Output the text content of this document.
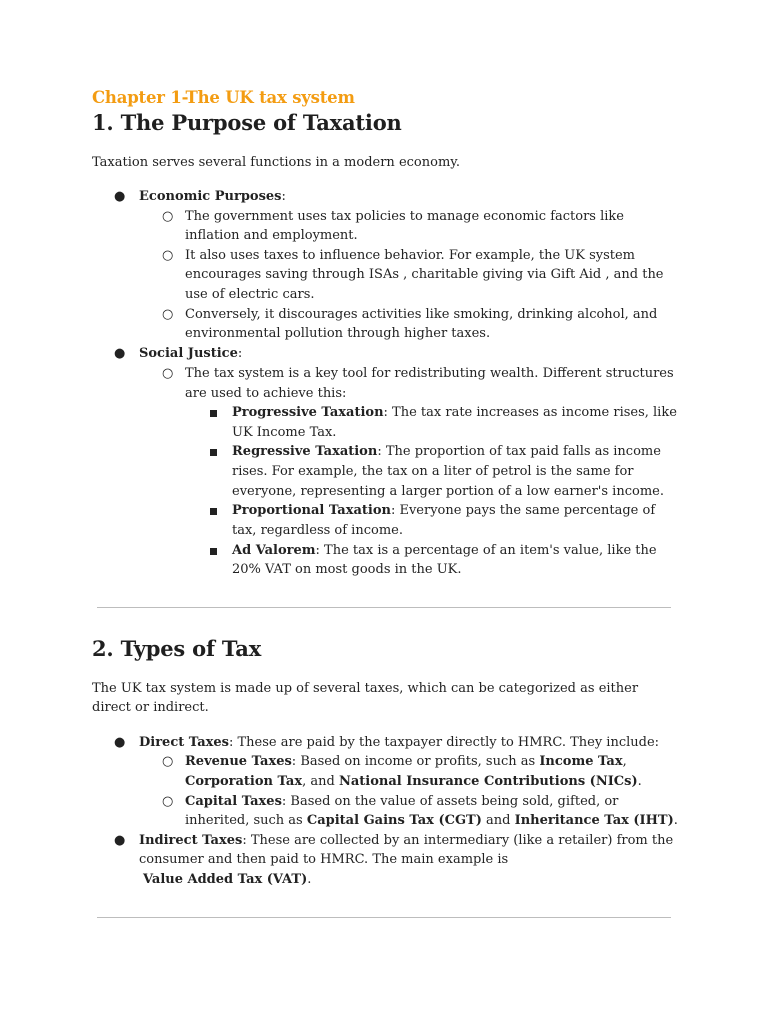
Chapter 1-The UK tax system
1. The Purpose of Taxation

Taxation serves several functions in a modern economy.

● Economic Purposes:
○ The government uses tax policies to manage economic factors like
inflation and employment.
○ It also uses taxes to influence behavior. For example, the UK system
encourages saving through ISAs , charitable giving via Gift Aid , and the
use of electric cars.
○ Conversely, it discourages activities like smoking, drinking alcohol, and
environmental pollution through higher taxes.
● Social Justice:
○ The tax system is a key tool for redistributing wealth. Different structures
are used to achieve this:
Progressive Taxation: The tax rate increases as income rises, like
UK Income Tax.
Regressive Taxation: The proportion of tax paid falls as income
rises. For example, the tax on a liter of petrol is the same for
everyone, representing a larger portion of a low earner's income.
Proportional Taxation: Everyone pays the same percentage of
tax, regardless of income.
Ad Valorem: The tax is a percentage of an item's value, like the
20% VAT on most goods in the UK.
2. Types of Tax
The UK tax system is made up of several taxes, which can be categorized as either
direct or indirect.
● Direct Taxes: These are paid by the taxpayer directly to HMRC. They include:
○ Revenue Taxes: Based on income or profits, such as Income Tax,
Corporation Tax, and National Insurance Contributions (NICs).
○ Capital Taxes: Based on the value of assets being sold, gifted, or
inherited, such as Capital Gains Tax (CGT) and Inheritance Tax (IHT).
● Indirect Taxes: These are collected by an intermediary (like a retailer) from the
consumer and then paid to HMRC. The main example is
Value Added Tax (VAT).
